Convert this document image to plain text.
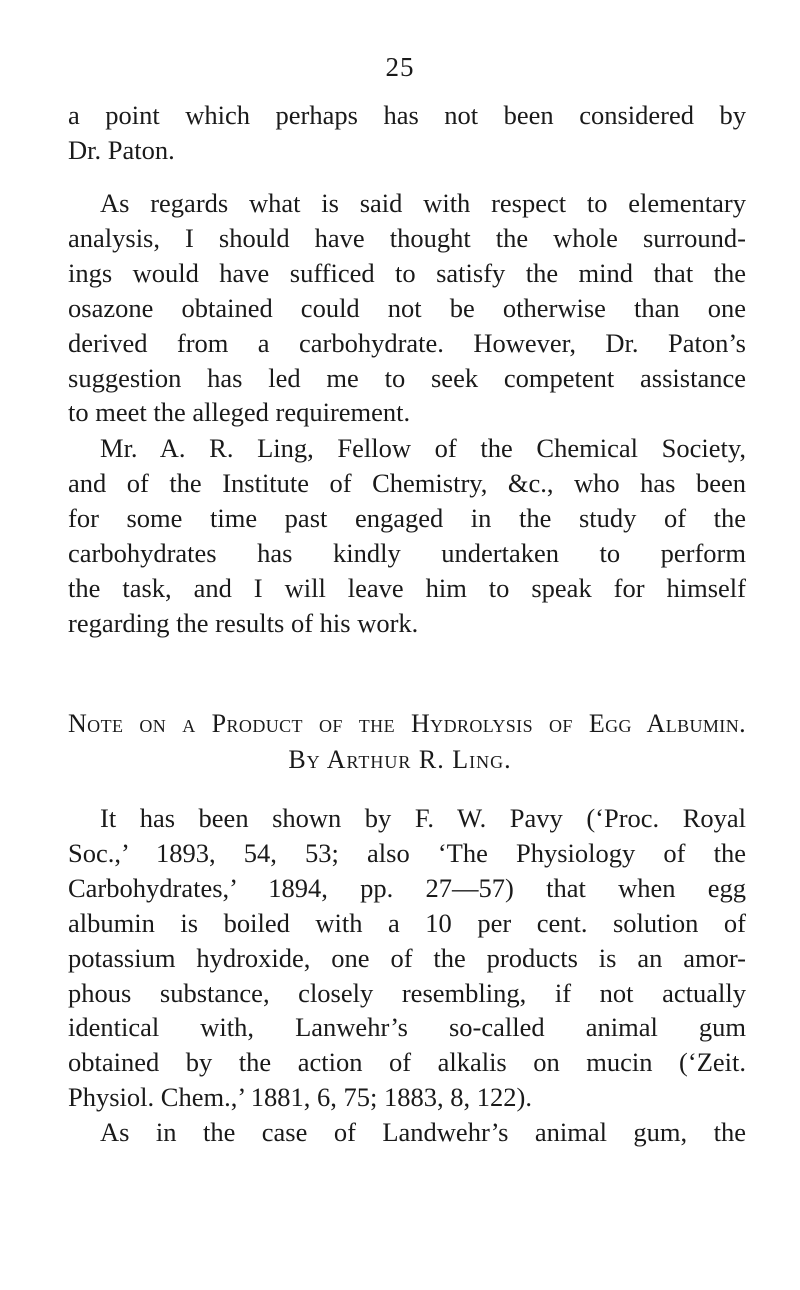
25
a point which perhaps has not been considered by
Dr. Paton.
As regards what is said with respect to elementary
analysis, I should have thought the whole surround-
ings would have sufficed to satisfy the mind that the
osazone obtained could not be otherwise than one
derived from a carbohydrate. However, Dr. Paton’s
suggestion has led me to seek competent assistance
to meet the alleged requirement.
Mr. A. R. Ling, Fellow of the Chemical Society,
and of the Institute of Chemistry, &c., who has been
for some time past engaged in the study of the
carbohydrates has kindly undertaken to perform
the task, and I will leave him to speak for himself
regarding the results of his work.
Note on a Product of the Hydrolysis of Egg Albumin.
By Arthur R. Ling.
It has been shown by F. W. Pavy (‘Proc. Royal
Soc.,’ 1893, 54, 53; also ‘The Physiology of the
Carbohydrates,’ 1894, pp. 27—57) that when egg
albumin is boiled with a 10 per cent. solution of
potassium hydroxide, one of the products is an amor-
phous substance, closely resembling, if not actually
identical with, Lanwehr’s so-called animal gum
obtained by the action of alkalis on mucin (‘Zeit.
Physiol. Chem.,’ 1881, 6, 75; 1883, 8, 122).
As in the case of Landwehr’s animal gum, the
